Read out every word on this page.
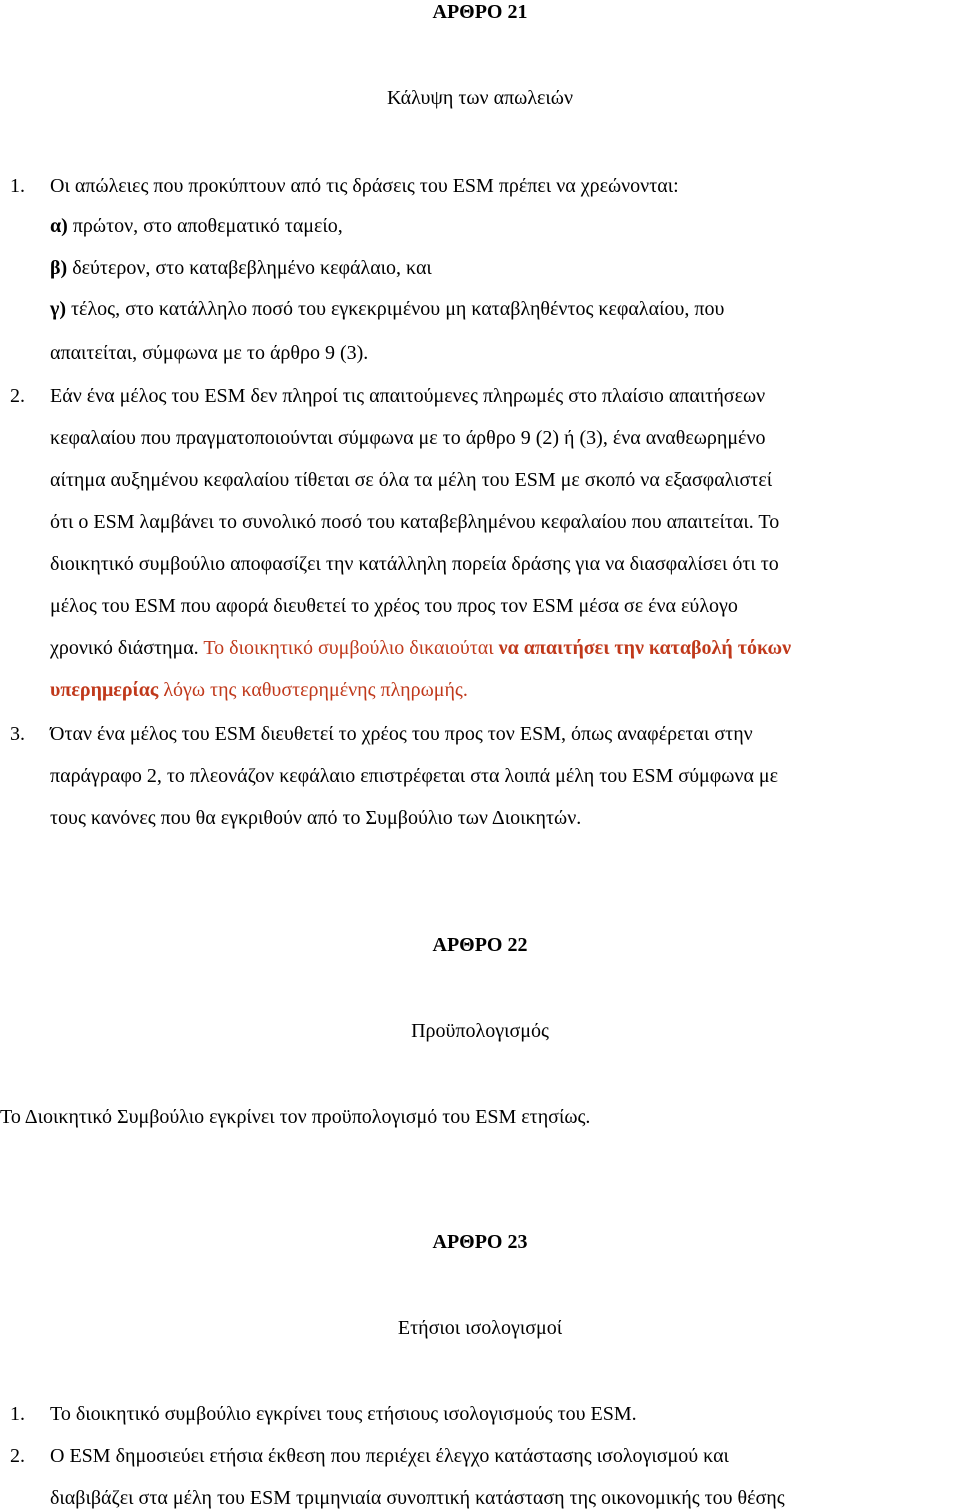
ΑΡΘΡΟ 21
Κάλυψη των απωλειών
1. Οι απώλειες που προκύπτουν από τις δράσεις του ESM πρέπει να χρεώνονται:
α) πρώτον, στο αποθεματικό ταμείο,
β) δεύτερον, στο καταβεβλημένο κεφάλαιο, και
γ) τέλος, στο κατάλληλο ποσό του εγκεκριμένου μη καταβληθέντος κεφαλαίου, που
απαιτείται, σύμφωνα με το άρθρο 9 (3).
2. Εάν ένα μέλος του ESM δεν πληροί τις απαιτούμενες πληρωμές στο πλαίσιο απαιτήσεων
κεφαλαίου που πραγματοποιούνται σύμφωνα με το άρθρο 9 (2) ή (3), ένα αναθεωρημένο
αίτημα αυξημένου κεφαλαίου τίθεται σε όλα τα μέλη του ESM με σκοπό να εξασφαλιστεί
ότι ο ESM λαμβάνει το συνολικό ποσό του καταβεβλημένου κεφαλαίου που απαιτείται. Το
διοικητικό συμβούλιο αποφασίζει την κατάλληλη πορεία δράσης για να διασφαλίσει ότι το
μέλος του ESM που αφορά διευθετεί το χρέος του προς τον ESM μέσα σε ένα εύλογο
χρονικό διάστημα. Το διοικητικό συμβούλιο δικαιούται να απαιτήσει την καταβολή τόκων
υπερημερίας λόγω της καθυστερημένης πληρωμής.
3. Όταν ένα μέλος του ESM διευθετεί το χρέος του προς τον ESM, όπως αναφέρεται στην
παράγραφο 2, το πλεονάζον κεφάλαιο επιστρέφεται στα λοιπά μέλη του ESM σύμφωνα με
τους κανόνες που θα εγκριθούν από το Συμβούλιο των Διοικητών.
ΑΡΘΡΟ 22
Προϋπολογισμός
Το Διοικητικό Συμβούλιο εγκρίνει τον προϋπολογισμό του ESM ετησίως.
ΑΡΘΡΟ 23
Ετήσιοι ισολογισμοί
1. Το διοικητικό συμβούλιο εγκρίνει τους ετήσιους ισολογισμούς του ESM.
2. Ο ESM δημοσιεύει ετήσια έκθεση που περιέχει έλεγχο κατάστασης ισολογισμού και
διαβιβάζει στα μέλη του ESM τριμηνιαία συνοπτική κατάσταση της οικονομικής του θέσης
